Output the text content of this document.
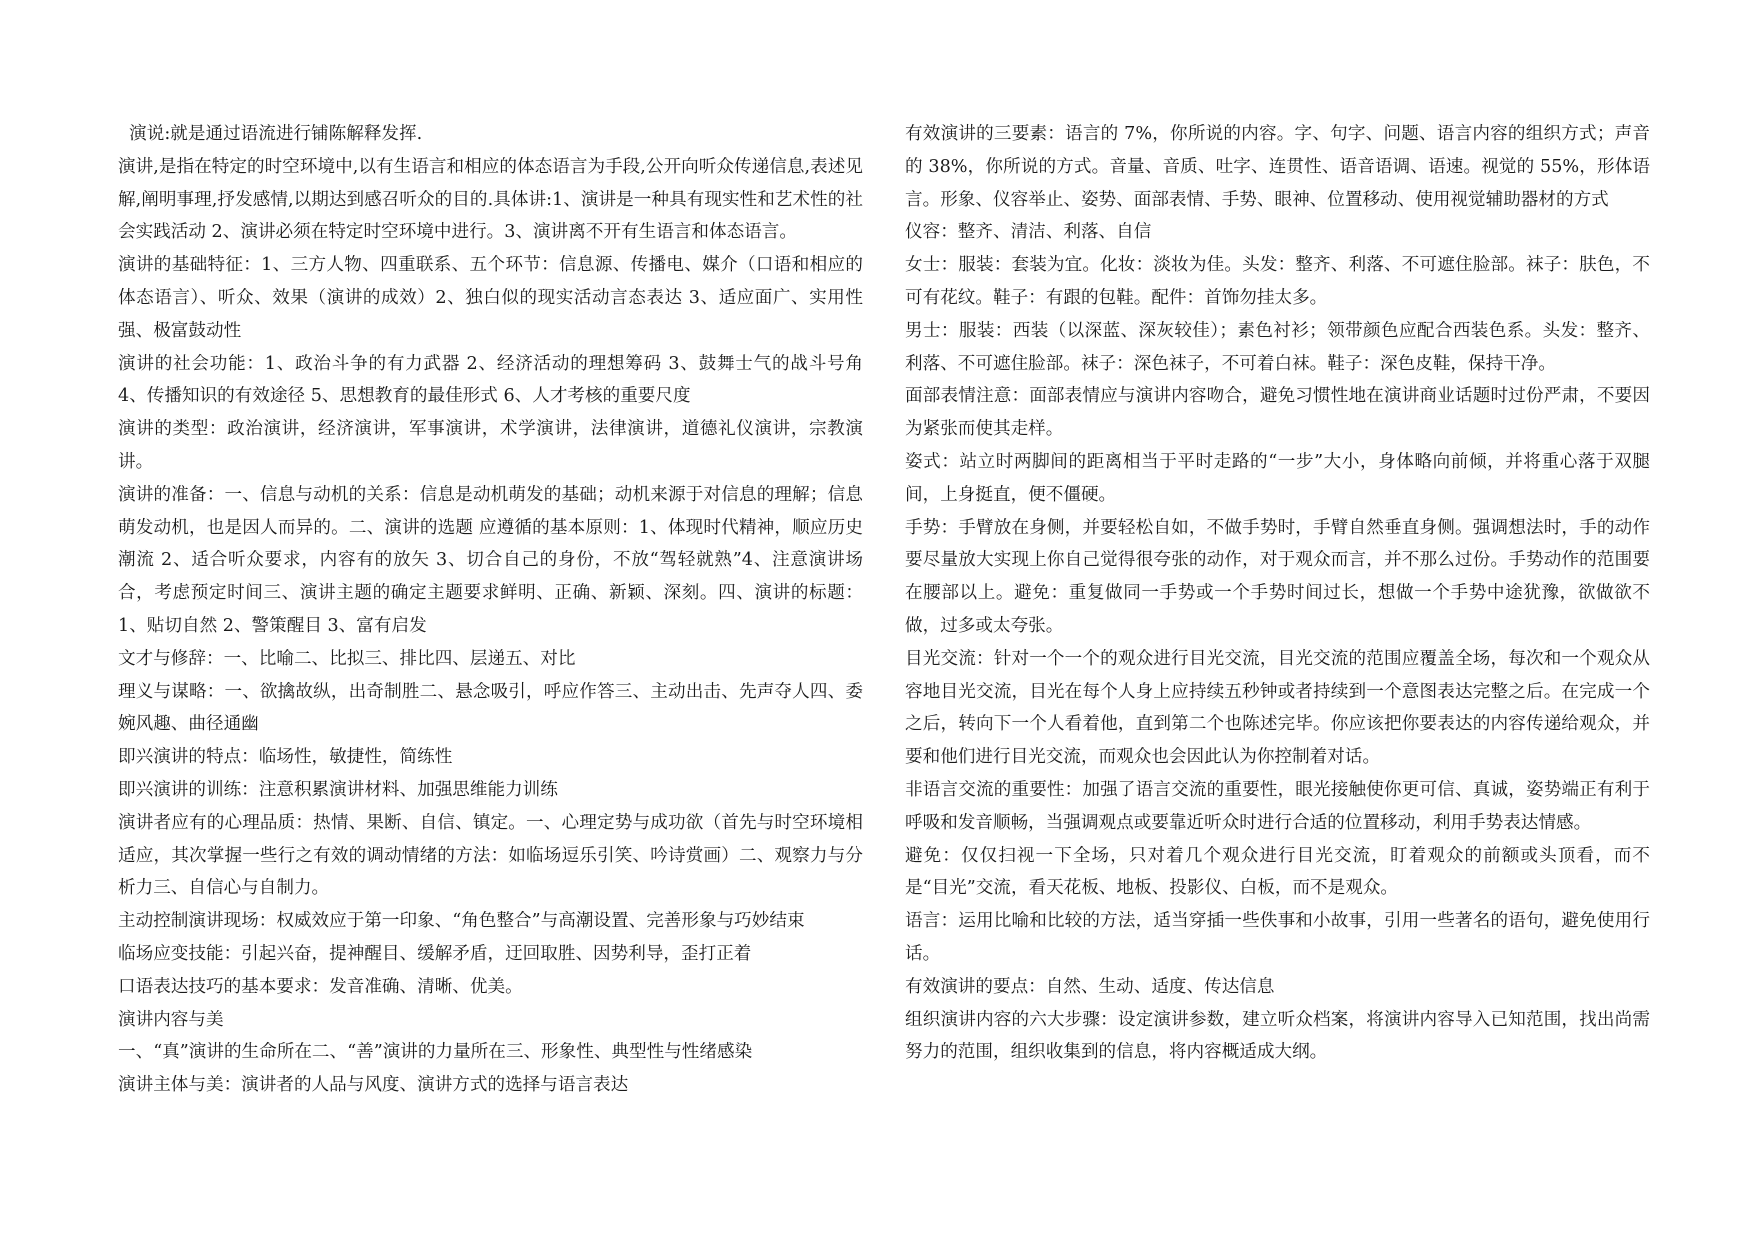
演说:就是通过语流进行铺陈解释发挥.

演讲,是指在特定的时空环境中,以有生语言和相应的体态语言为手段,公开向听众传递信息,表述见解,阐明事理,抒发感情,以期达到感召听众的目的.具体讲:1、演讲是一种具有现实性和艺术性的社会实践活动 2、演讲必须在特定时空环境中进行。3、演讲离不开有生语言和体态语言。

演讲的基础特征：1、三方人物、四重联系、五个环节：信息源、传播电、媒介（口语和相应的体态语言）、听众、效果（演讲的成效）2、独白似的现实活动言态表达 3、适应面广、实用性强、极富鼓动性

演讲的社会功能：1、政治斗争的有力武器 2、经济活动的理想筹码 3、鼓舞士气的战斗号角 4、传播知识的有效途径 5、思想教育的最佳形式 6、人才考核的重要尺度

演讲的类型：政治演讲，经济演讲，军事演讲，术学演讲，法律演讲，道德礼仪演讲，宗教演讲。

演讲的准备：一、信息与动机的关系：信息是动机萌发的基础；动机来源于对信息的理解；信息萌发动机，也是因人而异的。二、演讲的选题 应遵循的基本原则：1、体现时代精神，顺应历史潮流 2、适合听众要求，内容有的放矢 3、切合自己的身份，不放“驾轻就熟”4、注意演讲场合，考虑预定时间三、演讲主题的确定主题要求鲜明、正确、新颖、深刻。四、演讲的标题：1、贴切自然 2、警策醒目 3、富有启发

文才与修辞：一、比喻二、比拟三、排比四、层递五、对比

理义与谋略：一、欲擒故纵，出奇制胜二、悬念吸引，呼应作答三、主动出击、先声夺人四、委婉风趣、曲径通幽

即兴演讲的特点：临场性，敏捷性，简练性

即兴演讲的训练：注意积累演讲材料、加强思维能力训练

演讲者应有的心理品质：热情、果断、自信、镇定。一、心理定势与成功欲（首先与时空环境相适应，其次掌握一些行之有效的调动情绪的方法：如临场逗乐引笑、吟诗赏画）二、观察力与分析力三、自信心与自制力。

主动控制演讲现场：权威效应于第一印象、“角色整合”与高潮设置、完善形象与巧妙结束

临场应变技能：引起兴奋，提神醒目、缓解矛盾，迂回取胜、因势利导，歪打正着

口语表达技巧的基本要求：发音准确、清晰、优美。

演讲内容与美

一、“真”演讲的生命所在二、“善”演讲的力量所在三、形象性、典型性与性绪感染

演讲主体与美：演讲者的人品与风度、演讲方式的选择与语言表达

有效演讲的三要素：语言的 7%，你所说的内容。字、句字、问题、语言内容的组织方式；声音的 38%，你所说的方式。音量、音质、吐字、连贯性、语音语调、语速。视觉的 55%，形体语言。形象、仪容举止、姿势、面部表情、手势、眼神、位置移动、使用视觉辅助器材的方式

仪容：整齐、清洁、利落、自信

女士：服装：套装为宜。化妆：淡妆为佳。头发：整齐、利落、不可遮住脸部。袜子：肤色，不可有花纹。鞋子：有跟的包鞋。配件：首饰勿挂太多。

男士：服装：西装（以深蓝、深灰较佳）；素色衬衫；领带颜色应配合西装色系。头发：整齐、利落、不可遮住脸部。袜子：深色袜子，不可着白袜。鞋子：深色皮鞋，保持干净。

面部表情注意：面部表情应与演讲内容吻合，避免习惯性地在演讲商业话题时过份严肃，不要因为紧张而使其走样。

姿式：站立时两脚间的距离相当于平时走路的“一步”大小，身体略向前倾，并将重心落于双腿间，上身挺直，便不僵硬。

手势：手臂放在身侧，并要轻松自如，不做手势时，手臂自然垂直身侧。强调想法时，手的动作要尽量放大实现上你自己觉得很夸张的动作，对于观众而言，并不那么过份。手势动作的范围要在腰部以上。避免：重复做同一手势或一个手势时间过长，想做一个手势中途犹豫，欲做欲不做，过多或太夸张。

目光交流：针对一个一个的观众进行目光交流，目光交流的范围应覆盖全场，每次和一个观众从容地目光交流，目光在每个人身上应持续五秒钟或者持续到一个意图表达完整之后。在完成一个之后，转向下一个人看着他，直到第二个也陈述完毕。你应该把你要表达的内容传递给观众，并要和他们进行目光交流，而观众也会因此认为你控制着对话。

非语言交流的重要性：加强了语言交流的重要性，眼光接触使你更可信、真诚，姿势端正有利于呼吸和发音顺畅，当强调观点或要靠近听众时进行合适的位置移动，利用手势表达情感。

避免：仅仅扫视一下全场，只对着几个观众进行目光交流，盯着观众的前额或头顶看，而不是“目光”交流，看天花板、地板、投影仪、白板，而不是观众。

语言：运用比喻和比较的方法，适当穿插一些佚事和小故事，引用一些著名的语句，避免使用行话。

有效演讲的要点：自然、生动、适度、传达信息

组织演讲内容的六大步骤：设定演讲参数，建立听众档案，将演讲内容导入已知范围，找出尚需努力的范围，组织收集到的信息，将内容概适成大纲。
